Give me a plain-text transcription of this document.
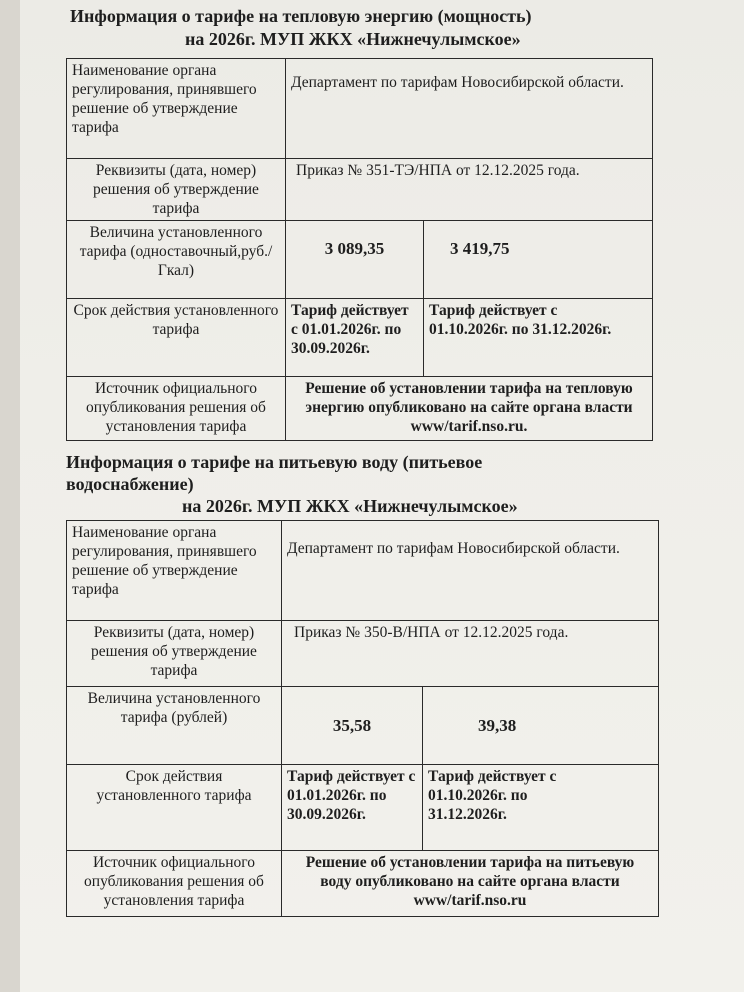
Информация о тарифе на тепловую энергию (мощность)
на 2026г. МУП ЖКХ «Нижнечулымское»
Наименование органа регулирования, принявшего решение об утверждение тарифа	Департамент по тарифам Новосибирской области.	
Реквизиты (дата, номер) решения об утверждение тарифа	Приказ № 351-ТЭ/НПА от 12.12.2025 года.	
Величина установленного тарифа (одноставочный,руб./Гкал)	3 089,35	3 419,75
Срок действия установленного тарифа	Тариф действует с 01.01.2026г. по 30.09.2026г.	Тариф действует с 01.10.2026г. по 31.12.2026г.
Источник официального опубликования решения об установления тарифа	Решение об установлении тарифа на тепловую энергию опубликовано на сайте органа власти www/tarif.nso.ru.	
Информация о тарифе на питьевую воду (питьевое
водоснабжение)
на 2026г. МУП ЖКХ «Нижнечулымское»
Наименование органа регулирования, принявшего решение об утверждение тарифа	Департамент по тарифам Новосибирской области.	
Реквизиты (дата, номер) решения об утверждение тарифа	Приказ № 350-В/НПА от 12.12.2025 года.	
Величина установленного тарифа (рублей)	35,58	39,38
Срок действия установленного тарифа	Тариф действует с 01.01.2026г. по 30.09.2026г.	Тариф действует с 01.10.2026г. по 31.12.2026г.
Источник официального опубликования решения об установления тарифа	Решение об установлении тарифа на питьевую воду опубликовано на сайте органа власти www/tarif.nso.ru	
